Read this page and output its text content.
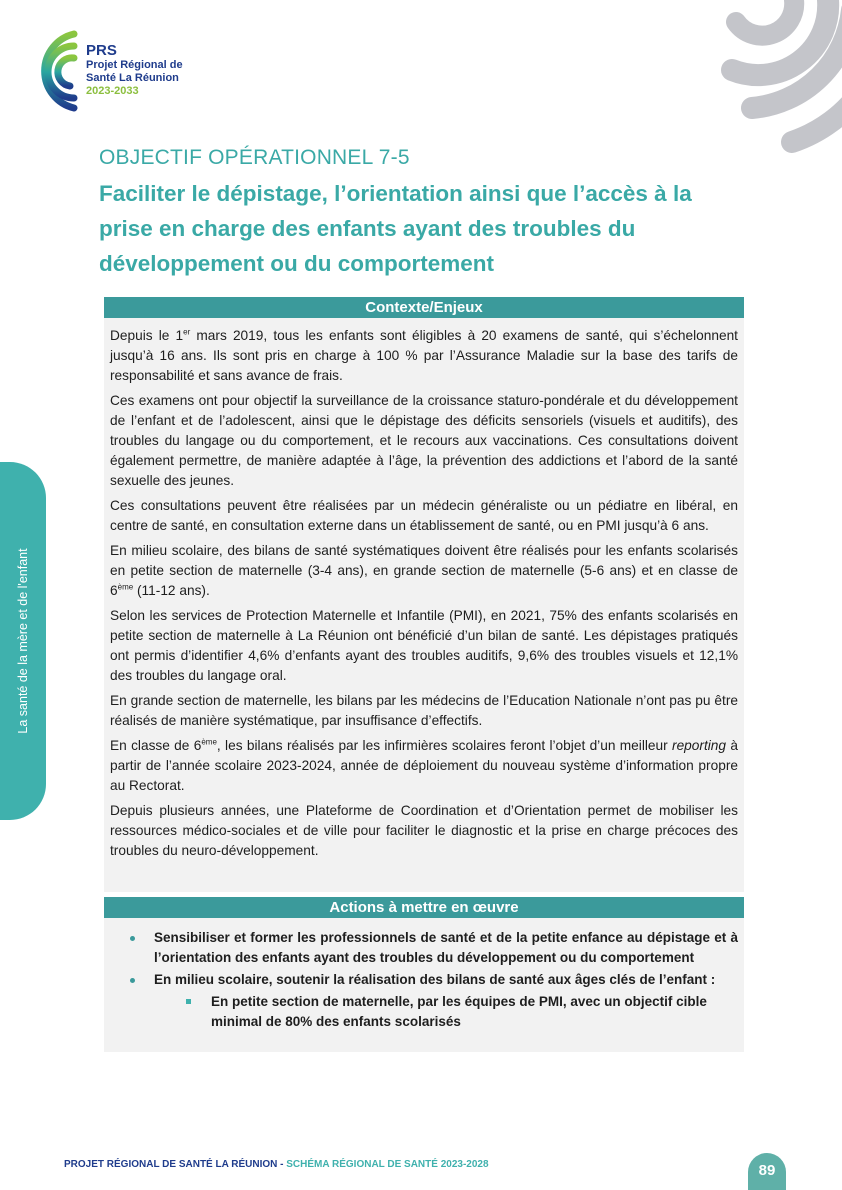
PRS
Projet Régional de
Santé La Réunion
2023-2033
La santé de la mère et de l'enfant
OBJECTIF OPÉRATIONNEL 7-5
Faciliter le dépistage, l’orientation ainsi que l’accès à la prise en charge des enfants ayant des troubles du développement ou du comportement
Contexte/Enjeux

Depuis le 1er mars 2019, tous les enfants sont éligibles à 20 examens de santé, qui s’échelonnent jusqu’à 16 ans. Ils sont pris en charge à 100 % par l’Assurance Maladie sur la base des tarifs de responsabilité et sans avance de frais.

Ces examens ont pour objectif la surveillance de la croissance staturo-pondérale et du développement de l’enfant et de l’adolescent, ainsi que le dépistage des déficits sensoriels (visuels et auditifs), des troubles du langage ou du comportement, et le recours aux vaccinations. Ces consultations doivent également permettre, de manière adaptée à l’âge, la prévention des addictions et l’abord de la santé sexuelle des jeunes.

Ces consultations peuvent être réalisées par un médecin généraliste ou un pédiatre en libéral, en centre de santé, en consultation externe dans un établissement de santé, ou en PMI jusqu’à 6 ans.

En milieu scolaire, des bilans de santé systématiques doivent être réalisés pour les enfants scolarisés en petite section de maternelle (3-4 ans), en grande section de maternelle (5-6 ans) et en classe de 6ème (11-12 ans).

Selon les services de Protection Maternelle et Infantile (PMI), en 2021, 75% des enfants scolarisés en petite section de maternelle à La Réunion ont bénéficié d’un bilan de santé. Les dépistages pratiqués ont permis d’identifier 4,6% d’enfants ayant des troubles auditifs, 9,6% des troubles visuels et 12,1% des troubles du langage oral.

En grande section de maternelle, les bilans par les médecins de l’Education Nationale n’ont pas pu être réalisés de manière systématique, par insuffisance d’effectifs.

En classe de 6ème, les bilans réalisés par les infirmières scolaires feront l’objet d’un meilleur reporting à partir de l’année scolaire 2023-2024, année de déploiement du nouveau système d’information propre au Rectorat.

Depuis plusieurs années, une Plateforme de Coordination et d’Orientation permet de mobiliser les ressources médico-sociales et de ville pour faciliter le diagnostic et la prise en charge précoces des troubles du neuro-développement.

Actions à mettre en œuvre
Sensibiliser et former les professionnels de santé et de la petite enfance au dépistage et à l’orientation des enfants ayant des troubles du développement ou du comportement
En milieu scolaire, soutenir la réalisation des bilans de santé aux âges clés de l’enfant :
En petite section de maternelle, par les équipes de PMI, avec un objectif cible minimal de 80% des enfants scolarisés
PROJET RÉGIONAL DE SANTÉ LA RÉUNION - SCHÉMA RÉGIONAL DE SANTÉ 2023-2028	89
